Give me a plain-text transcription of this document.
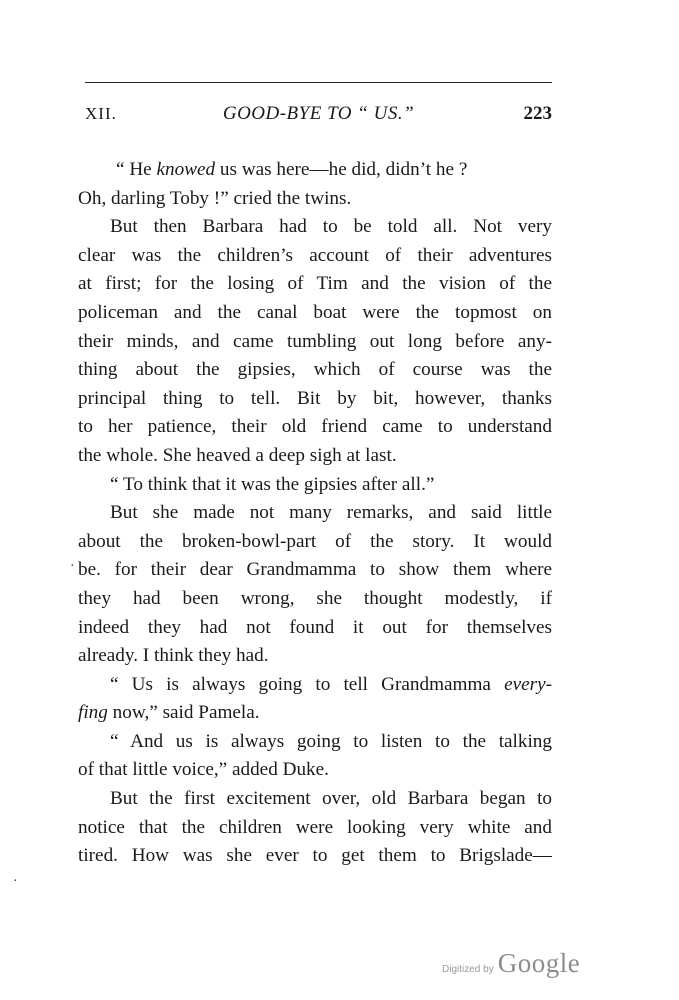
XII.	GOOD-BYE TO “ US.”	223
“ He knowed us was here—he did, didn’t he ?
Oh, darling Toby !” cried the twins.
But then Barbara had to be told all. Not very
clear was the children’s account of their adventures
at first; for the losing of Tim and the vision of the
policeman and the canal boat were the topmost on
their minds, and came tumbling out long before any-
thing about the gipsies, which of course was the
principal thing to tell. Bit by bit, however, thanks
to her patience, their old friend came to understand
the whole. She heaved a deep sigh at last.
“ To think that it was the gipsies after all.”
But she made not many remarks, and said little
about the broken-bowl-part of the story. It would
be. for their dear Grandmamma to show them where
they had been wrong, she thought modestly, if
indeed they had not found it out for themselves
already. I think they had.
“ Us is always going to tell Grandmamma every-
fing now,” said Pamela.
“ And us is always going to listen to the talking
of that little voice,” added Duke.
But the first excitement over, old Barbara began to
notice that the children were looking very white and
tired. How was she ever to get them to Brigslade—
·
·
Digitized by Google
